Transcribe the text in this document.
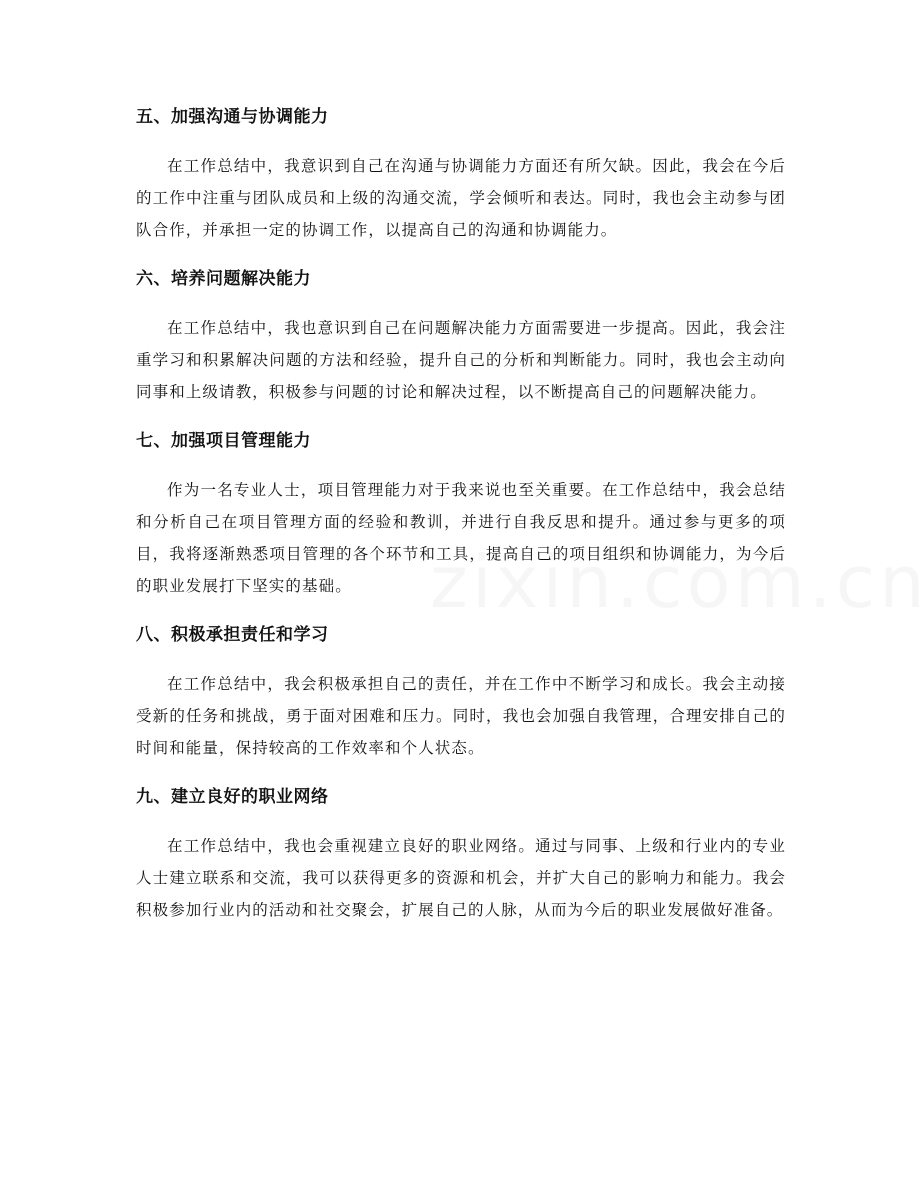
五、加强沟通与协调能力

在工作总结中，我意识到自己在沟通与协调能力方面还有所欠缺。因此，我会在今后的工作中注重与团队成员和上级的沟通交流，学会倾听和表达。同时，我也会主动参与团队合作，并承担一定的协调工作，以提高自己的沟通和协调能力。

六、培养问题解决能力

在工作总结中，我也意识到自己在问题解决能力方面需要进一步提高。因此，我会注重学习和积累解决问题的方法和经验，提升自己的分析和判断能力。同时，我也会主动向同事和上级请教，积极参与问题的讨论和解决过程，以不断提高自己的问题解决能力。

七、加强项目管理能力

作为一名专业人士，项目管理能力对于我来说也至关重要。在工作总结中，我会总结和分析自己在项目管理方面的经验和教训，并进行自我反思和提升。通过参与更多的项目，我将逐渐熟悉项目管理的各个环节和工具，提高自己的项目组织和协调能力，为今后的职业发展打下坚实的基础。

八、积极承担责任和学习

在工作总结中，我会积极承担自己的责任，并在工作中不断学习和成长。我会主动接受新的任务和挑战，勇于面对困难和压力。同时，我也会加强自我管理，合理安排自己的时间和能量，保持较高的工作效率和个人状态。

九、建立良好的职业网络

在工作总结中，我也会重视建立良好的职业网络。通过与同事、上级和行业内的专业人士建立联系和交流，我可以获得更多的资源和机会，并扩大自己的影响力和能力。我会积极参加行业内的活动和社交聚会，扩展自己的人脉，从而为今后的职业发展做好准备。
